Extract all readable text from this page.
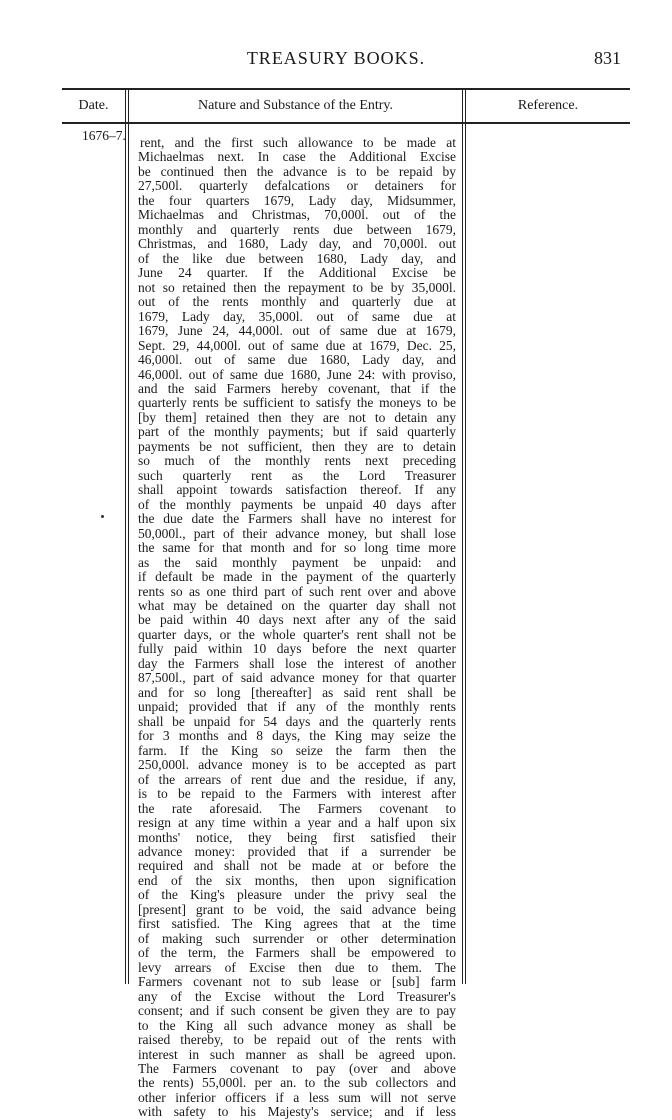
TREASURY BOOKS.	831
Date.	Nature and Substance of the Entry.	Reference.
1676–7. rent, and the first such allowance to be made at
Michaelmas next. In case the Additional Excise
be continued then the advance is to be repaid by
27,500l. quarterly defalcations or detainers for
the four quarters 1679, Lady day, Midsummer,
Michaelmas and Christmas, 70,000l. out of the
monthly and quarterly rents due between 1679,
Christmas, and 1680, Lady day, and 70,000l. out
of the like due between 1680, Lady day, and
June 24 quarter. If the Additional Excise be
not so retained then the repayment to be by 35,000l.
out of the rents monthly and quarterly due at
1679, Lady day, 35,000l. out of same due at
1679, June 24, 44,000l. out of same due at 1679,
Sept. 29, 44,000l. out of same due at 1679, Dec. 25,
46,000l. out of same due 1680, Lady day, and
46,000l. out of same due 1680, June 24: with proviso,
and the said Farmers hereby covenant, that if the
quarterly rents be sufficient to satisfy the moneys to be
[by them] retained then they are not to detain any
part of the monthly payments; but if said quarterly
payments be not sufficient, then they are to detain
so much of the monthly rents next preceding
such quarterly rent as the Lord Treasurer
shall appoint towards satisfaction thereof. If any
of the monthly payments be unpaid 40 days after
the due date the Farmers shall have no interest for
50,000l., part of their advance money, but shall lose
the same for that month and for so long time more
as the said monthly payment be unpaid: and
if default be made in the payment of the quarterly
rents so as one third part of such rent over and above
what may be detained on the quarter day shall not
be paid within 40 days next after any of the said
quarter days, or the whole quarter's rent shall not be
fully paid within 10 days before the next quarter
day the Farmers shall lose the interest of another
87,500l., part of said advance money for that quarter
and for so long [thereafter] as said rent shall be
unpaid; provided that if any of the monthly rents
shall be unpaid for 54 days and the quarterly rents
for 3 months and 8 days, the King may seize the
farm. If the King so seize the farm then the
250,000l. advance money is to be accepted as part
of the arrears of rent due and the residue, if any,
is to be repaid to the Farmers with interest after
the rate aforesaid. The Farmers covenant to
resign at any time within a year and a half upon six
months' notice, they being first satisfied their
advance money: provided that if a surrender be
required and shall not be made at or before the
end of the six months, then upon signification
of the King's pleasure under the privy seal the
[present] grant to be void, the said advance being
first satisfied. The King agrees that at the time
of making such surrender or other determination
of the term, the Farmers shall be empowered to
levy arrears of Excise then due to them. The
Farmers covenant not to sub lease or [sub] farm
any of the Excise without the Lord Treasurer's
consent; and if such consent be given they are to pay
to the King all such advance money as shall be
raised thereby, to be repaid out of the rents with
interest in such manner as shall be agreed upon.
The Farmers covenant to pay (over and above
the rents) 55,000l. per an. to the sub collectors and
other inferior officers if a less sum will not serve
with safety to his Majesty's service; and if less
